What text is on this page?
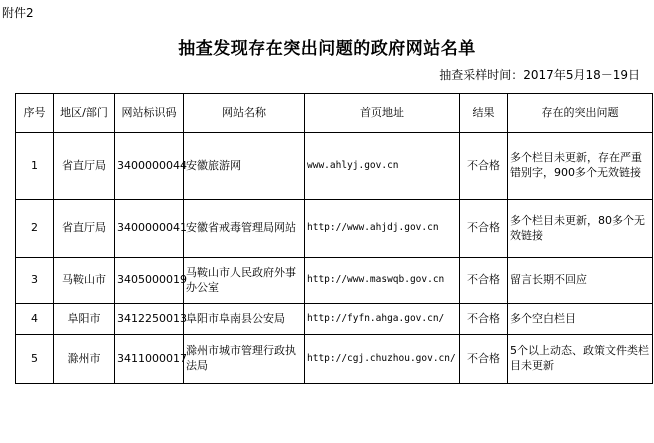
附件2
抽查发现存在突出问题的政府网站名单
抽查采样时间：2017年5月18－19日
序号	地区/部门	网站标识码	网站名称	首页地址	结果	存在的突出问题
1	省直厅局	3400000044	安徽旅游网	www.ahlyj.gov.cn	不合格	多个栏目未更新，存在严重错别字，900多个无效链接
2	省直厅局	3400000041	安徽省戒毒管理局网站	http://www.ahjdj.gov.cn	不合格	多个栏目未更新，80多个无效链接
3	马鞍山市	3405000019	马鞍山市人民政府外事办公室	http://www.maswqb.gov.cn	不合格	留言长期不回应
4	阜阳市	3412250013	阜阳市阜南县公安局	http://fyfn.ahga.gov.cn/	不合格	多个空白栏目
5	滁州市	3411000017	滁州市城市管理行政执法局	http://cgj.chuzhou.gov.cn/	不合格	5个以上动态、政策文件类栏目未更新
